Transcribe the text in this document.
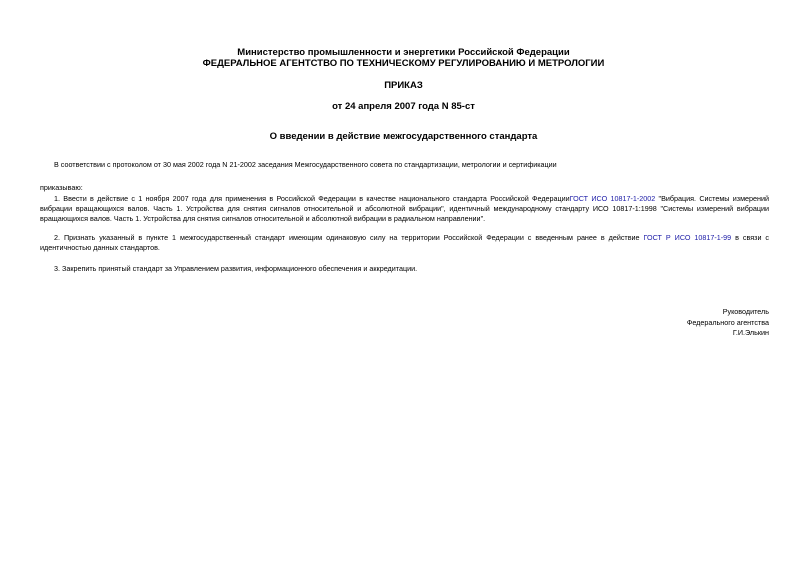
Министерство промышленности и энергетики Российской Федерации
ФЕДЕРАЛЬНОЕ АГЕНТСТВО ПО ТЕХНИЧЕСКОМУ РЕГУЛИРОВАНИЮ И МЕТРОЛОГИИ
ПРИКАЗ
от 24 апреля 2007 года N 85-ст
О введении в действие межгосударственного стандарта
В соответствии с протоколом от 30 мая 2002 года N 21-2002 заседания Межгосударственного совета по стандартизации, метрологии и сертификации
приказываю:
1. Ввести в действие с 1 ноября 2007 года для применения в Российской Федерации в качестве национального стандарта Российской ФедерацииГОСТ ИСО 10817-1-2002 "Вибрация. Системы измерений вибрации вращающихся валов. Часть 1. Устройства для снятия сигналов относительной и абсолютной вибрации", идентичный международному стандарту ИСО 10817-1:1998 "Системы измерений вибрации вращающихся валов. Часть 1. Устройства для снятия сигналов относительной и абсолютной вибрации в радиальном направлении".
2. Признать указанный в пункте 1 межгосударственный стандарт имеющим одинаковую силу на территории Российской Федерации с введенным ранее в действие ГОСТ Р ИСО 10817-1-99 в связи с идентичностью данных стандартов.
3. Закрепить принятый стандарт за Управлением развития, информационного обеспечения и аккредитации.
Руководитель
Федерального агентства
Г.И.Элькин
